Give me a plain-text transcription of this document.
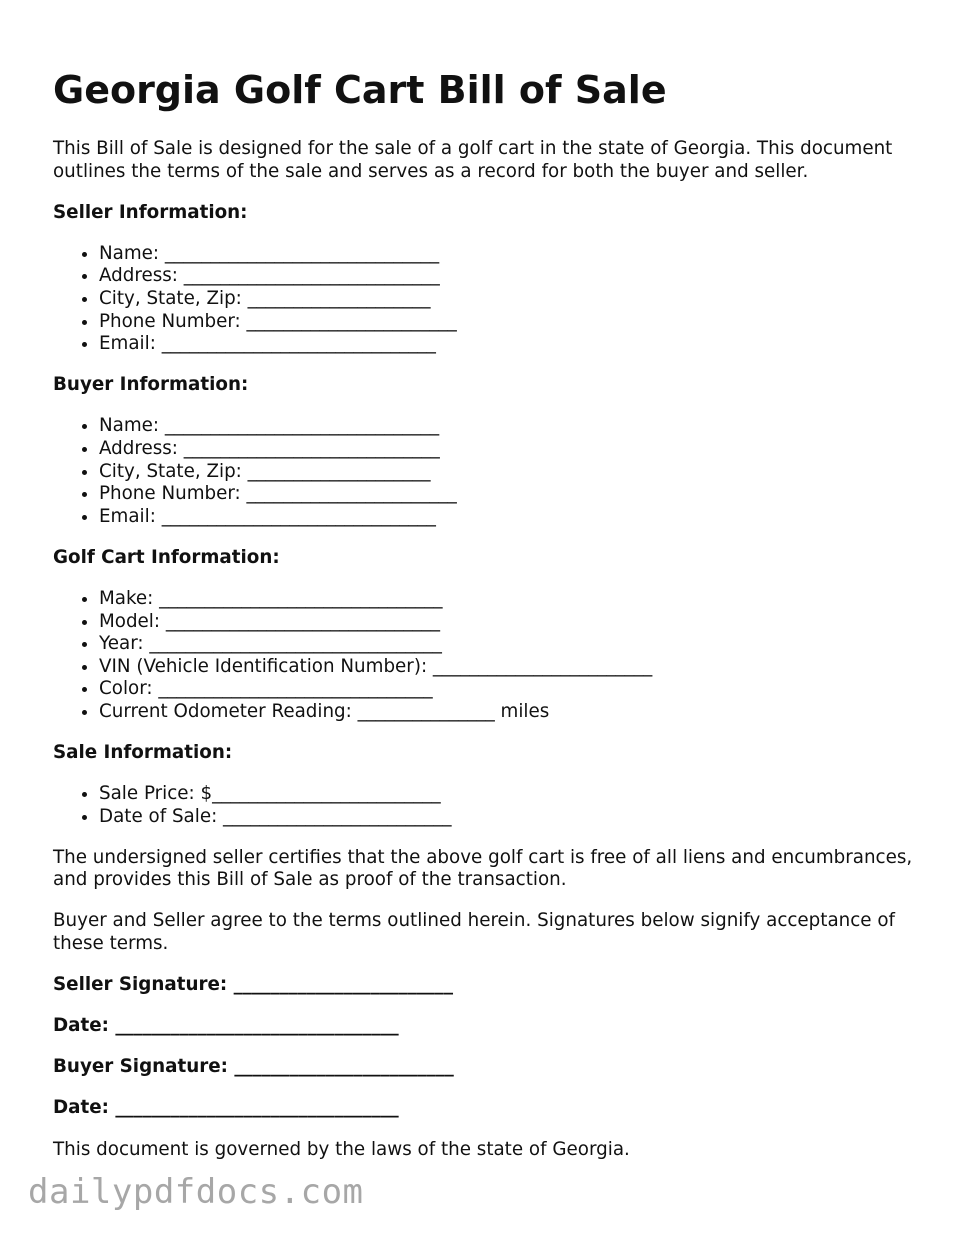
Georgia Golf Cart Bill of Sale

This Bill of Sale is designed for the sale of a golf cart in the state of Georgia. This document outlines the terms of the sale and serves as a record for both the buyer and seller.

Seller Information:
• Name: ______________________________
• Address: ____________________________
• City, State, Zip: ____________________
• Phone Number: _______________________
• Email: ______________________________
Buyer Information:
• Name: ______________________________
• Address: ____________________________
• City, State, Zip: ____________________
• Phone Number: _______________________
• Email: ______________________________
Golf Cart Information:
• Make: _______________________________
• Model: ______________________________
• Year: ________________________________
• VIN (Vehicle Identification Number): ________________________
• Color: ______________________________
• Current Odometer Reading: _______________ miles
Sale Information:
• Sale Price: $_________________________
• Date of Sale: _________________________

The undersigned seller certifies that the above golf cart is free of all liens and encumbrances, and provides this Bill of Sale as proof of the transaction.

Buyer and Seller agree to the terms outlined herein. Signatures below signify acceptance of these terms.

Seller Signature: ________________________
Date: _______________________________
Buyer Signature: ________________________
Date: _______________________________

This document is governed by the laws of the state of Georgia.

dailypdfdocs.com
